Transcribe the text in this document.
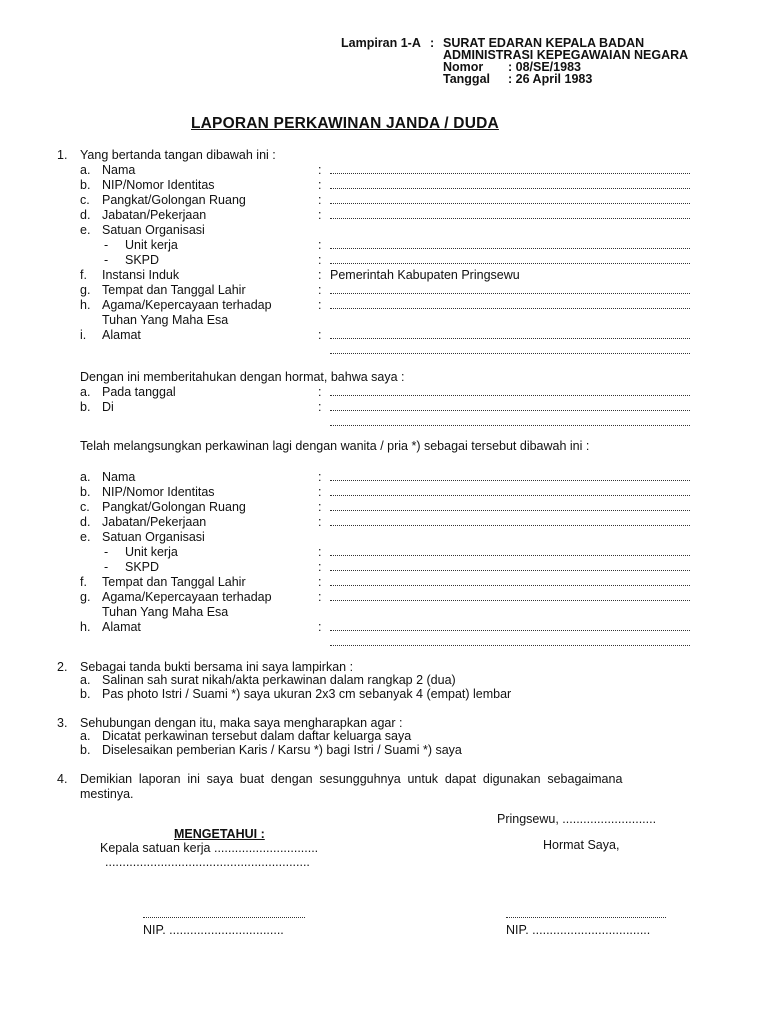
Lampiran 1-A : SURAT EDARAN KEPALA BADAN
ADMINISTRASI KEPEGAWAIAN NEGARA
Nomor : 08/SE/1983
Tanggal : 26 April 1983
LAPORAN PERKAWINAN JANDA / DUDA
1. Yang bertanda tangan dibawah ini :
a. Nama	:
b. NIP/Nomor Identitas	:
c. Pangkat/Golongan Ruang	:
d. Jabatan/Pekerjaan	:
e. Satuan Organisasi
- Unit kerja	:
- SKPD	:
f. Instansi Induk	: Pemerintah Kabupaten Pringsewu
g. Tempat dan Tanggal Lahir	:
h. Agama/Kepercayaan terhadap
Tuhan Yang Maha Esa
:
i. Alamat	:
Dengan ini memberitahukan dengan hormat, bahwa saya :
a. Pada tanggal	:
b. Di	:
Telah melangsungkan perkawinan lagi dengan wanita / pria *) sebagai tersebut dibawah ini :
a. Nama	:
b. NIP/Nomor Identitas	:
c. Pangkat/Golongan Ruang	:
d. Jabatan/Pekerjaan	:
e. Satuan Organisasi
- Unit kerja	:
- SKPD	:
f. Tempat dan Tanggal Lahir	:
g. Agama/Kepercayaan terhadap
Tuhan Yang Maha Esa
:
h. Alamat	:
2. Sebagai tanda bukti bersama ini saya lampirkan :
a. Salinan sah surat nikah/akta perkawinan dalam rangkap 2 (dua)
b. Pas photo Istri / Suami *) saya ukuran 2x3 cm sebanyak 4 (empat) lembar
3. Sehubungan dengan itu, maka saya mengharapkan agar :
a. Dicatat perkawinan tersebut dalam daftar keluarga saya
b. Diselesaikan pemberian Karis / Karsu *) bagi Istri / Suami *) saya
4. Demikian laporan ini saya buat dengan sesungguhnya untuk dapat digunakan sebagaimana
mestinya.
Pringsewu, ...........................
MENGETAHUI :
Kepala satuan kerja ..............................
...........................................................
Hormat Saya,
NIP. .................................	NIP. ..................................
